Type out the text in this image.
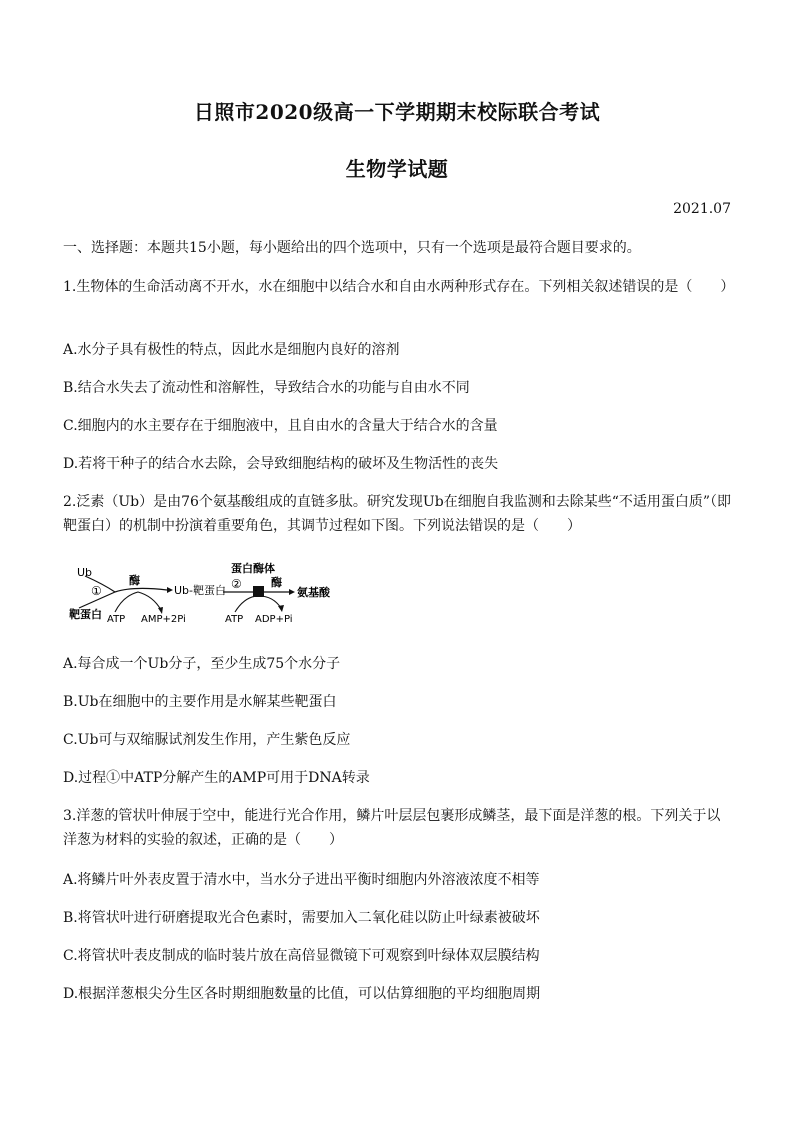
日照市2020级高一下学期期末校际联合考试
生物学试题
2021.07
一、选择题：本题共15小题，每小题给出的四个选项中，只有一个选项是最符合题目要求的。
1.生物体的生命活动离不开水，水在细胞中以结合水和自由水两种形式存在。下列相关叙述错误的是（　　）
A.水分子具有极性的特点，因此水是细胞内良好的溶剂
B.结合水失去了流动性和溶解性，导致结合水的功能与自由水不同
C.细胞内的水主要存在于细胞液中，且自由水的含量大于结合水的含量
D.若将干种子的结合水去除，会导致细胞结构的破坏及生物活性的丧失
2.泛素（Ub）是由76个氨基酸组成的直链多肽。研究发现Ub在细胞自我监测和去除某些“不适用蛋白质”（即靶蛋白）的机制中扮演着重要角色，其调节过程如下图。下列说法错误的是（　　）
Ub
①
靶蛋白 ATP
酶
AMP+2Pi
Ub-靶蛋白
蛋白酶体
②	酶
氨基酸
ATP ADP+Pi
A.每合成一个Ub分子，至少生成75个水分子
B.Ub在细胞中的主要作用是水解某些靶蛋白
C.Ub可与双缩脲试剂发生作用，产生紫色反应
D.过程①中ATP分解产生的AMP可用于DNA转录
3.洋葱的管状叶伸展于空中，能进行光合作用，鳞片叶层层包裹形成鳞茎，最下面是洋葱的根。下列关于以洋葱为材料的实验的叙述，正确的是（　　）
A.将鳞片叶外表皮置于清水中，当水分子进出平衡时细胞内外溶液浓度不相等
B.将管状叶进行研磨提取光合色素时，需要加入二氧化硅以防止叶绿素被破坏
C.将管状叶表皮制成的临时装片放在高倍显微镜下可观察到叶绿体双层膜结构
D.根据洋葱根尖分生区各时期细胞数量的比值，可以估算细胞的平均细胞周期
